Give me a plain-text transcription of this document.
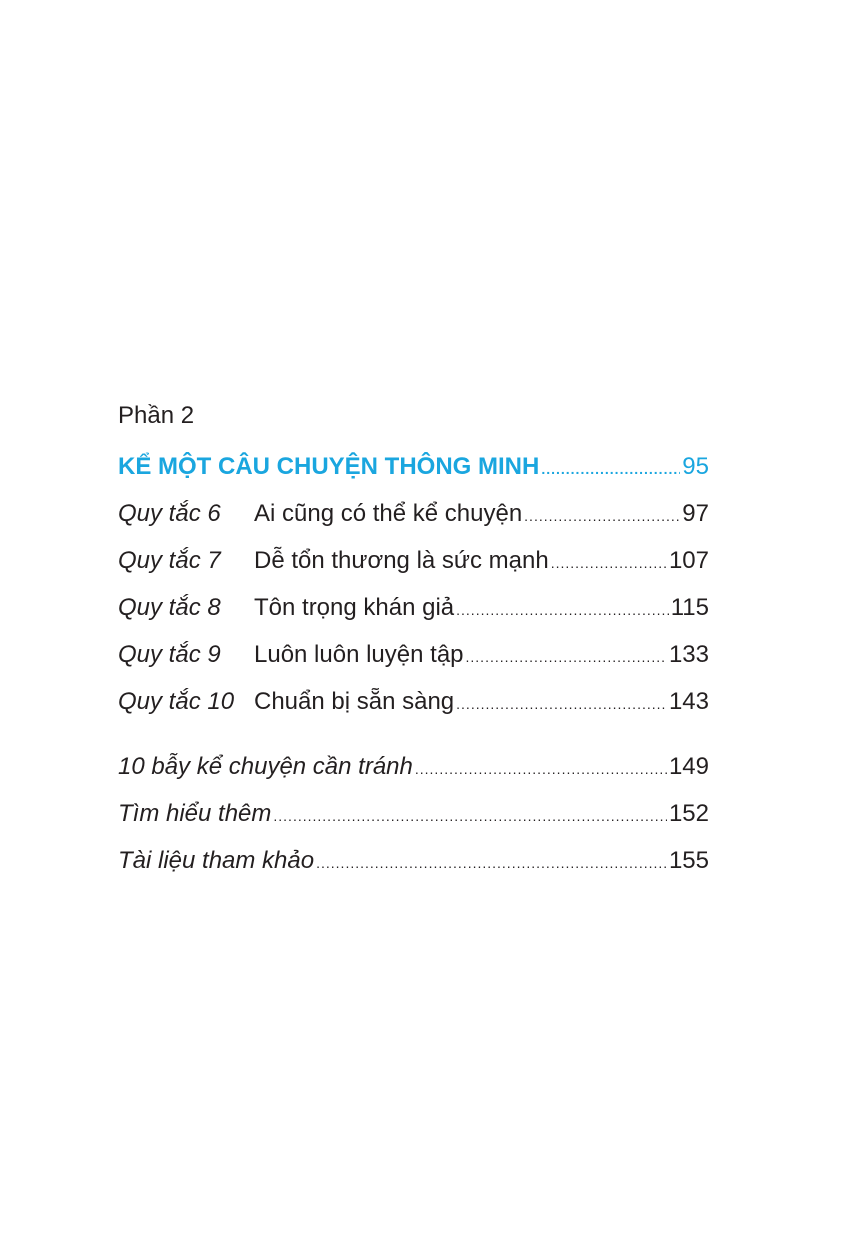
Phần 2
KỂ MỘT CÂU CHUYỆN THÔNG MINH .....	95
Quy tắc 6	Ai cũng có thể kể chuyện .....	97
Quy tắc 7	Dễ tổn thương là sức mạnh .....	107
Quy tắc 8	Tôn trọng khán giả .....	115
Quy tắc 9	Luôn luôn luyện tập .....	133
Quy tắc 10 Chuẩn bị sẵn sàng .....	143
10 bẫy kể chuyện cần tránh .....	149
Tìm hiểu thêm .....	152
Tài liệu tham khảo .....	155
